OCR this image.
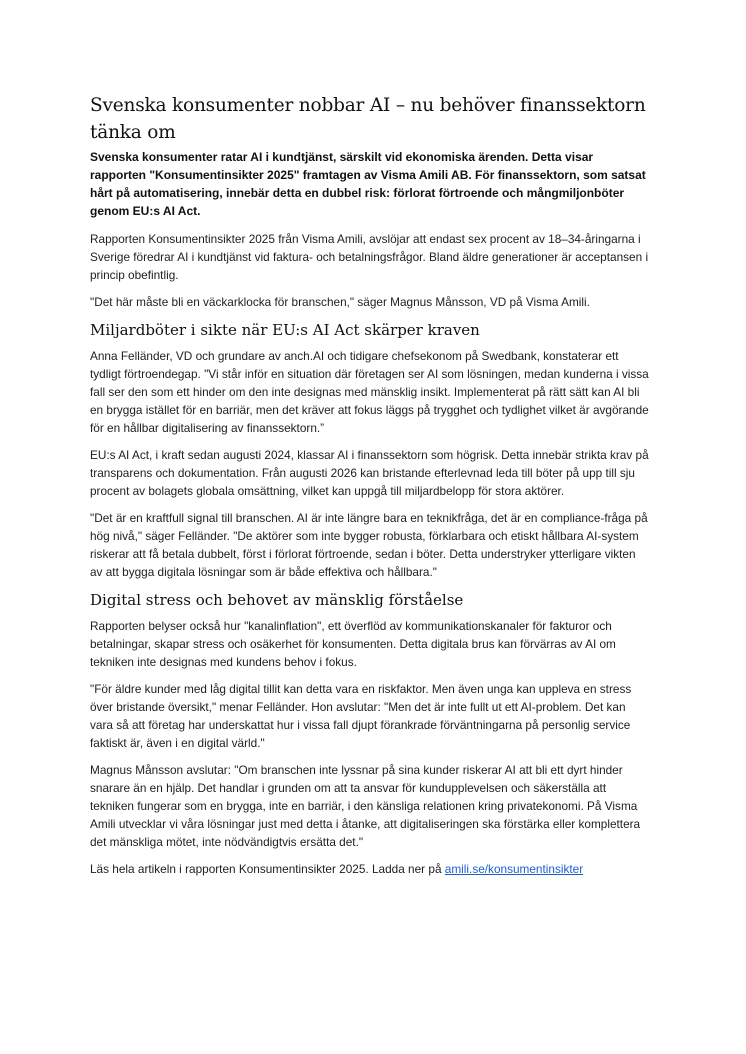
Svenska konsumenter nobbar AI – nu behöver finanssektorn tänka om

Svenska konsumenter ratar AI i kundtjänst, särskilt vid ekonomiska ärenden. Detta visar rapporten "Konsumentinsikter 2025" framtagen av Visma Amili AB. För finanssektorn, som satsat hårt på automatisering, innebär detta en dubbel risk: förlorat förtroende och mångmiljonböter genom EU:s AI Act.

Rapporten Konsumentinsikter 2025 från Visma Amili, avslöjar att endast sex procent av 18–34-åringarna i Sverige föredrar AI i kundtjänst vid faktura- och betalningsfrågor. Bland äldre generationer är acceptansen i princip obefintlig.

"Det här måste bli en väckarklocka för branschen," säger Magnus Månsson, VD på Visma Amili.

Miljardböter i sikte när EU:s AI Act skärper kraven

Anna Felländer, VD och grundare av anch.AI och tidigare chefsekonom på Swedbank, konstaterar ett tydligt förtroendegap. "Vi står inför en situation där företagen ser AI som lösningen, medan kunderna i vissa fall ser den som ett hinder om den inte designas med mänsklig insikt. Implementerat på rätt sätt kan AI bli en brygga istället för en barriär, men det kräver att fokus läggs på trygghet och tydlighet vilket är avgörande för en hållbar digitalisering av finanssektorn.”

EU:s AI Act, i kraft sedan augusti 2024, klassar AI i finanssektorn som högrisk. Detta innebär strikta krav på transparens och dokumentation. Från augusti 2026 kan bristande efterlevnad leda till böter på upp till sju procent av bolagets globala omsättning, vilket kan uppgå till miljardbelopp för stora aktörer.

"Det är en kraftfull signal till branschen. AI är inte längre bara en teknikfråga, det är en compliance-fråga på hög nivå," säger Felländer. "De aktörer som inte bygger robusta, förklarbara och etiskt hållbara AI-system riskerar att få betala dubbelt, först i förlorat förtroende, sedan i böter. Detta understryker ytterligare vikten av att bygga digitala lösningar som är både effektiva och hållbara."

Digital stress och behovet av mänsklig förståelse

Rapporten belyser också hur "kanalinflation", ett överflöd av kommunikationskanaler för fakturor och betalningar, skapar stress och osäkerhet för konsumenten. Detta digitala brus kan förvärras av AI om tekniken inte designas med kundens behov i fokus.

"För äldre kunder med låg digital tillit kan detta vara en riskfaktor. Men även unga kan uppleva en stress över bristande översikt," menar Felländer. Hon avslutar: "Men det är inte fullt ut ett AI-problem. Det kan vara så att företag har underskattat hur i vissa fall djupt förankrade förväntningarna på personlig service faktiskt är, även i en digital värld."

Magnus Månsson avslutar: "Om branschen inte lyssnar på sina kunder riskerar AI att bli ett dyrt hinder snarare än en hjälp. Det handlar i grunden om att ta ansvar för kundupplevelsen och säkerställa att tekniken fungerar som en brygga, inte en barriär, i den känsliga relationen kring privatekonomi. På Visma Amili utvecklar vi våra lösningar just med detta i åtanke, att digitaliseringen ska förstärka eller komplettera det mänskliga mötet, inte nödvändigtvis ersätta det."

Läs hela artikeln i rapporten Konsumentinsikter 2025. Ladda ner på amili.se/konsumentinsikter
